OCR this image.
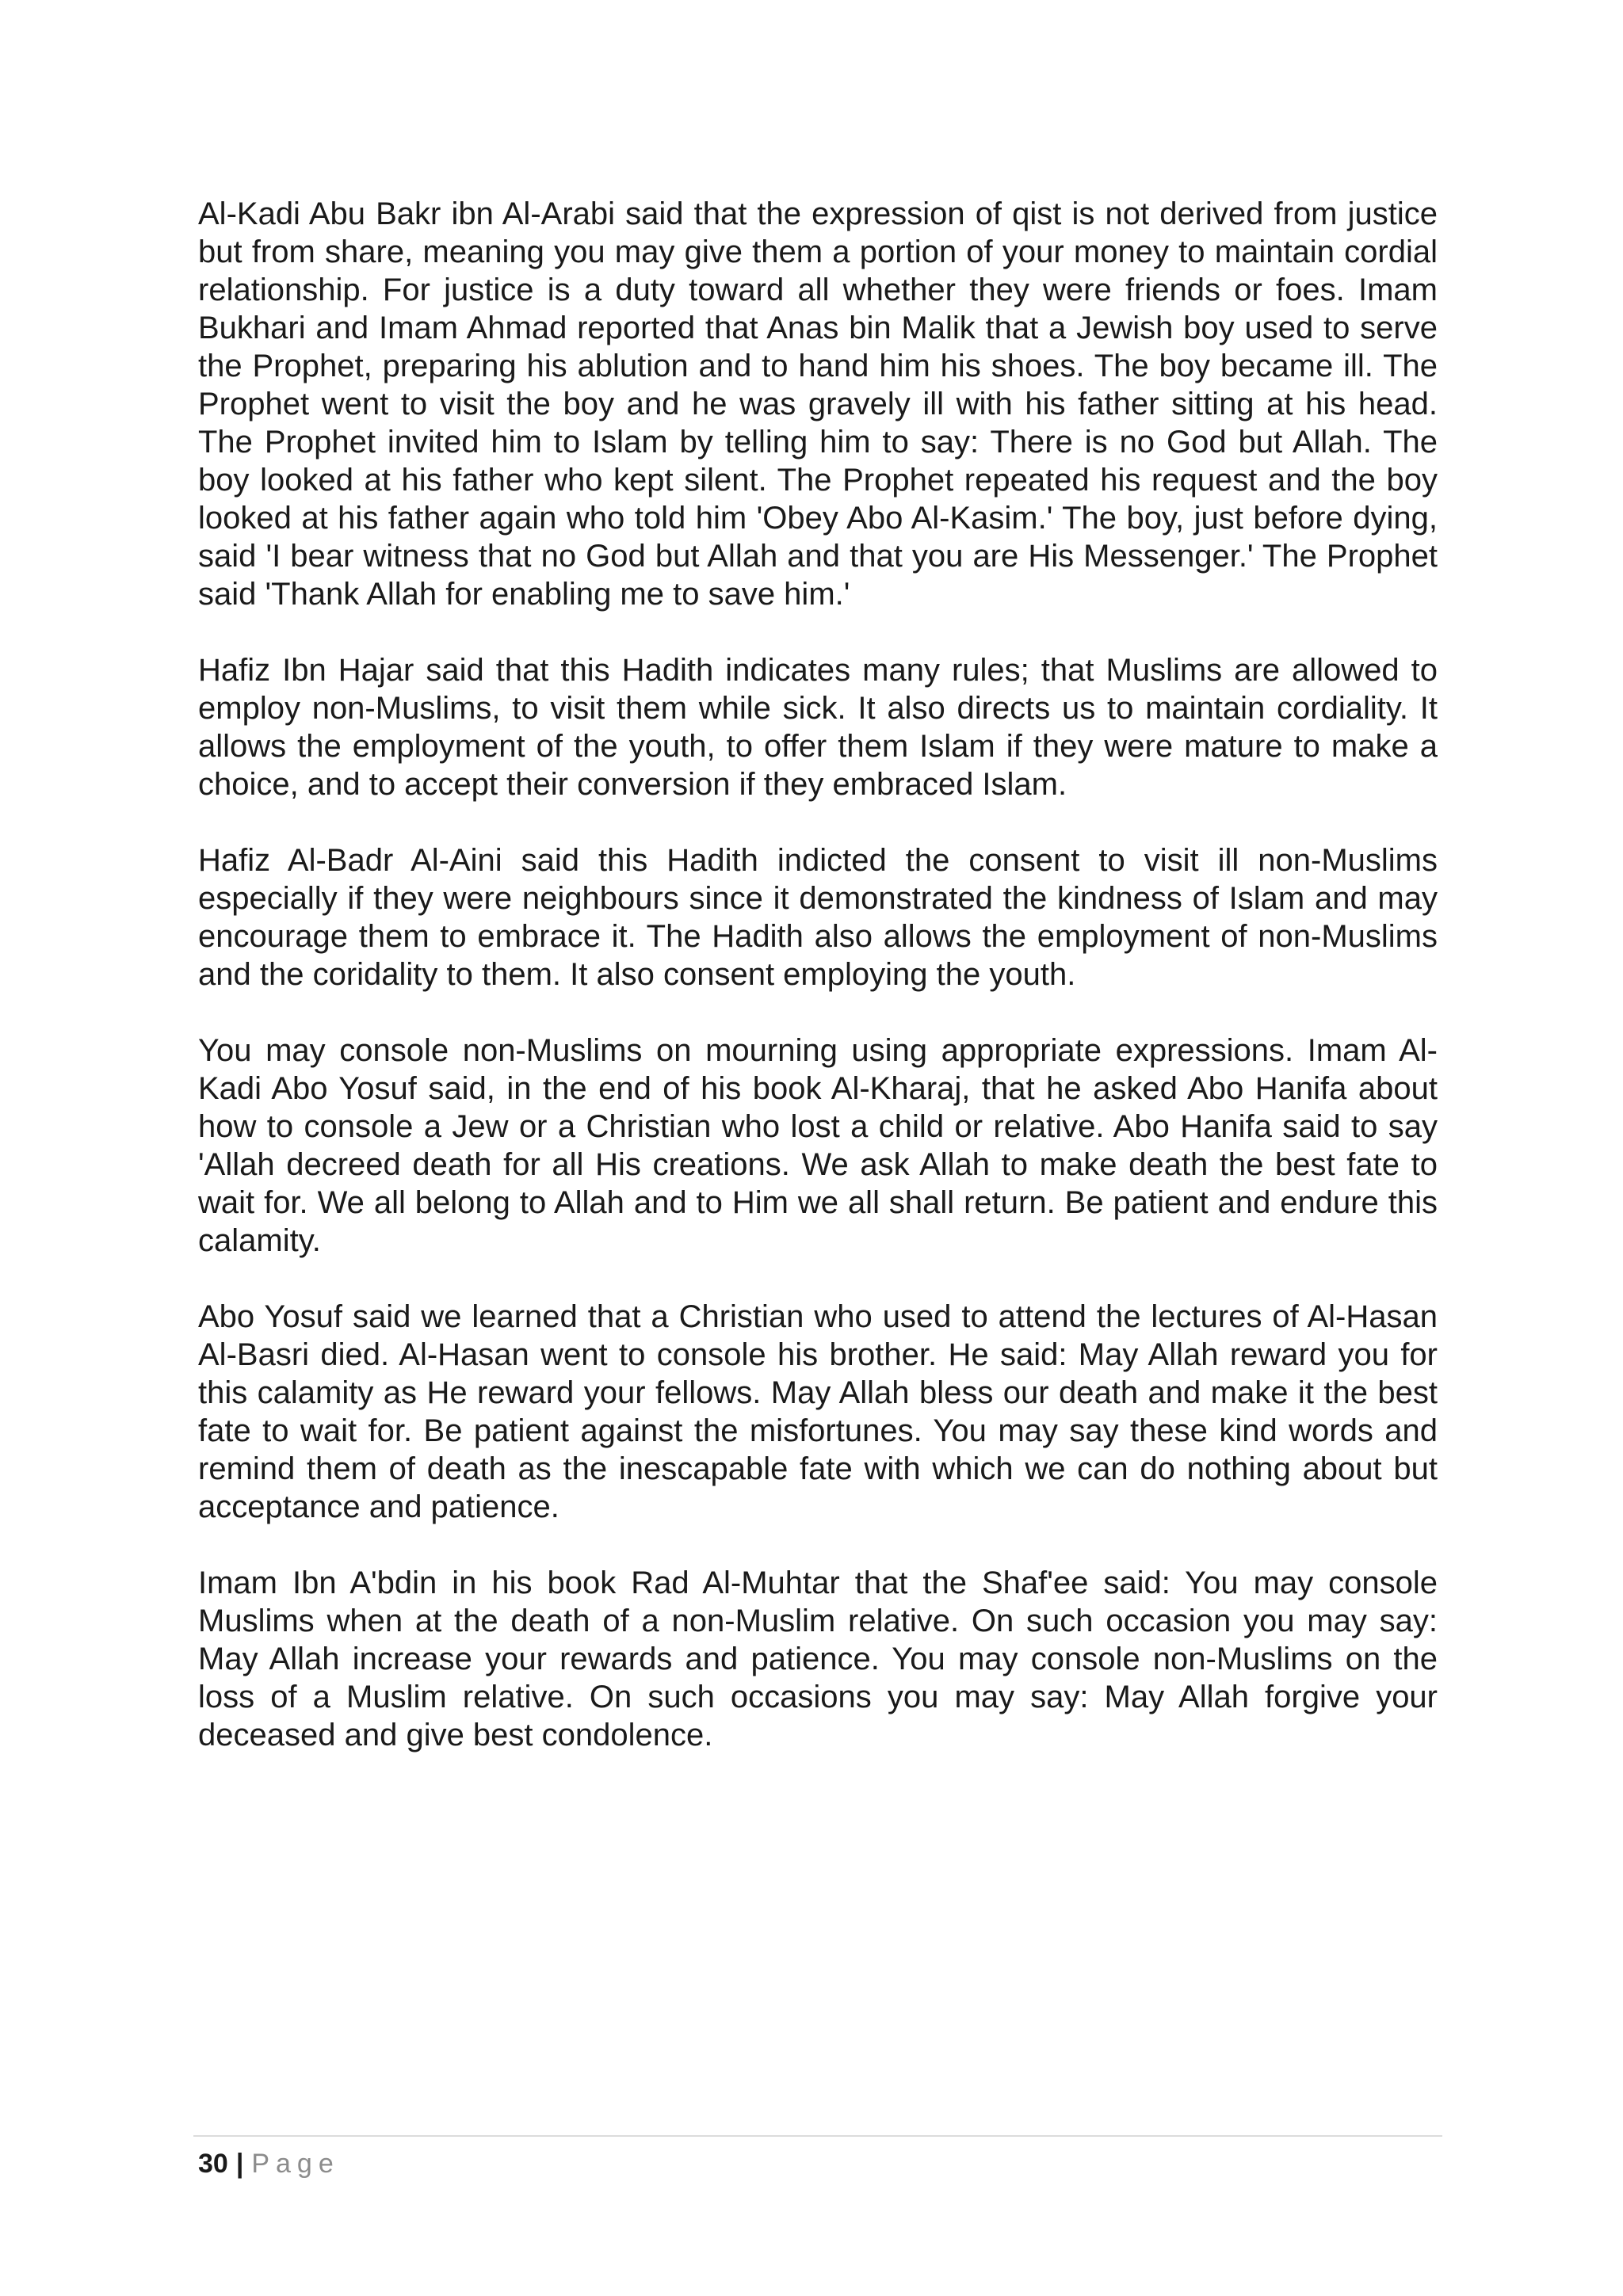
Al-Kadi Abu Bakr ibn Al-Arabi said that the expression of qist is not derived from justice but from share, meaning you may give them a portion of your money to maintain cordial relationship. For justice is a duty toward all whether they were friends or foes. Imam Bukhari and Imam Ahmad reported that Anas bin Malik that a Jewish boy used to serve the Prophet, preparing his ablution and to hand him his shoes. The boy became ill. The Prophet went to visit the boy and he was gravely ill with his father sitting at his head. The Prophet invited him to Islam by telling him to say: There is no God but Allah. The boy looked at his father who kept silent. The Prophet repeated his request and the boy looked at his father again who told him 'Obey Abo Al-Kasim.' The boy, just before dying, said 'I bear witness that no God but Allah and that you are His Messenger.' The Prophet said 'Thank Allah for enabling me to save him.'

Hafiz Ibn Hajar said that this Hadith indicates many rules; that Muslims are allowed to employ non-Muslims, to visit them while sick. It also directs us to maintain cordiality. It allows the employment of the youth, to offer them Islam if they were mature to make a choice, and to accept their conversion if they embraced Islam.

Hafiz Al-Badr Al-Aini said this Hadith indicted the consent to visit ill non-Muslims especially if they were neighbours since it demonstrated the kindness of Islam and may encourage them to embrace it. The Hadith also allows the employment of non-Muslims and the coridality to them. It also consent employing the youth.

You may console non-Muslims on mourning using appropriate expressions. Imam Al-Kadi Abo Yosuf said, in the end of his book Al-Kharaj, that he asked Abo Hanifa about how to console a Jew or a Christian who lost a child or relative. Abo Hanifa said to say 'Allah decreed death for all His creations. We ask Allah to make death the best fate to wait for. We all belong to Allah and to Him we all shall return. Be patient and endure this calamity.

Abo Yosuf said we learned that a Christian who used to attend the lectures of Al-Hasan Al-Basri died. Al-Hasan went to console his brother. He said: May Allah reward you for this calamity as He reward your fellows. May Allah bless our death and make it the best fate to wait for. Be patient against the misfortunes. You may say these kind words and remind them of death as the inescapable fate with which we can do nothing about but acceptance and patience.

Imam Ibn A'bdin in his book Rad Al-Muhtar that the Shaf'ee said: You may console Muslims when at the death of a non-Muslim relative. On such occasion you may say: May Allah increase your rewards and patience. You may console non-Muslims on the loss of a Muslim relative. On such occasions you may say: May Allah forgive your deceased and give best condolence.

30 | Page
